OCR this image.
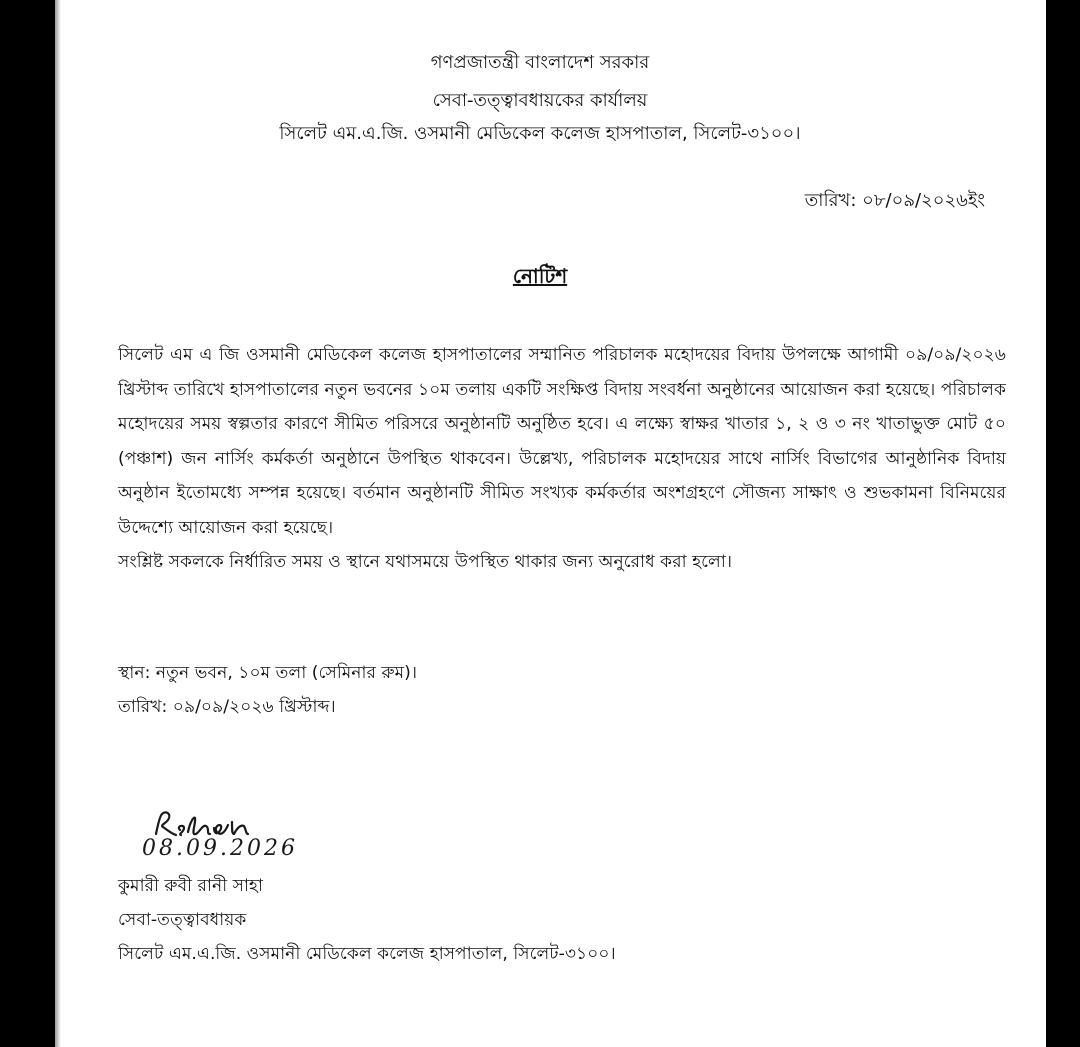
গণপ্রজাতন্ত্রী বাংলাদেশ সরকার
সেবা-তত্ত্বাবধায়কের কার্যালয়
সিলেট এম.এ.জি. ওসমানী মেডিকেল কলেজ হাসপাতাল, সিলেট-৩১০০।
তারিখ: ০৮/০৯/২০২৬ইং
নোটিশ

সিলেট এম এ জি ওসমানী মেডিকেল কলেজ হাসপাতালের সম্মানিত পরিচালক মহোদয়ের বিদায় উপলক্ষে আগামী ০৯/০৯/২০২৬ খ্রিস্টাব্দ তারিখে হাসপাতালের নতুন ভবনের ১০ম তলায় একটি সংক্ষিপ্ত বিদায় সংবর্ধনা অনুষ্ঠানের আয়োজন করা হয়েছে। পরিচালক মহোদয়ের সময় স্বল্পতার কারণে সীমিত পরিসরে অনুষ্ঠানটি অনুষ্ঠিত হবে। এ লক্ষ্যে স্বাক্ষর খাতার ১, ২ ও ৩ নং খাতাভুক্ত মোট ৫০ (পঞ্চাশ) জন নার্সিং কর্মকর্তা অনুষ্ঠানে উপস্থিত থাকবেন। উল্লেখ্য, পরিচালক মহোদয়ের সাথে নার্সিং বিভাগের আনুষ্ঠানিক বিদায় অনুষ্ঠান ইতোমধ্যে সম্পন্ন হয়েছে। বর্তমান অনুষ্ঠানটি সীমিত সংখ্যক কর্মকর্তার অংশগ্রহণে সৌজন্য সাক্ষাৎ ও শুভকামনা বিনিময়ের উদ্দেশ্যে আয়োজন করা হয়েছে।

সংশ্লিষ্ট সকলকে নির্ধারিত সময় ও স্থানে যথাসময়ে উপস্থিত থাকার জন্য অনুরোধ করা হলো।

স্থান: নতুন ভবন, ১০ম তলা (সেমিনার রুম)।
তারিখ: ০৯/০৯/২০২৬ খ্রিস্টাব্দ।
08.09.2026
কুমারী রুবী রানী সাহা
সেবা-তত্ত্বাবধায়ক
সিলেট এম.এ.জি. ওসমানী মেডিকেল কলেজ হাসপাতাল, সিলেট-৩১০০।
